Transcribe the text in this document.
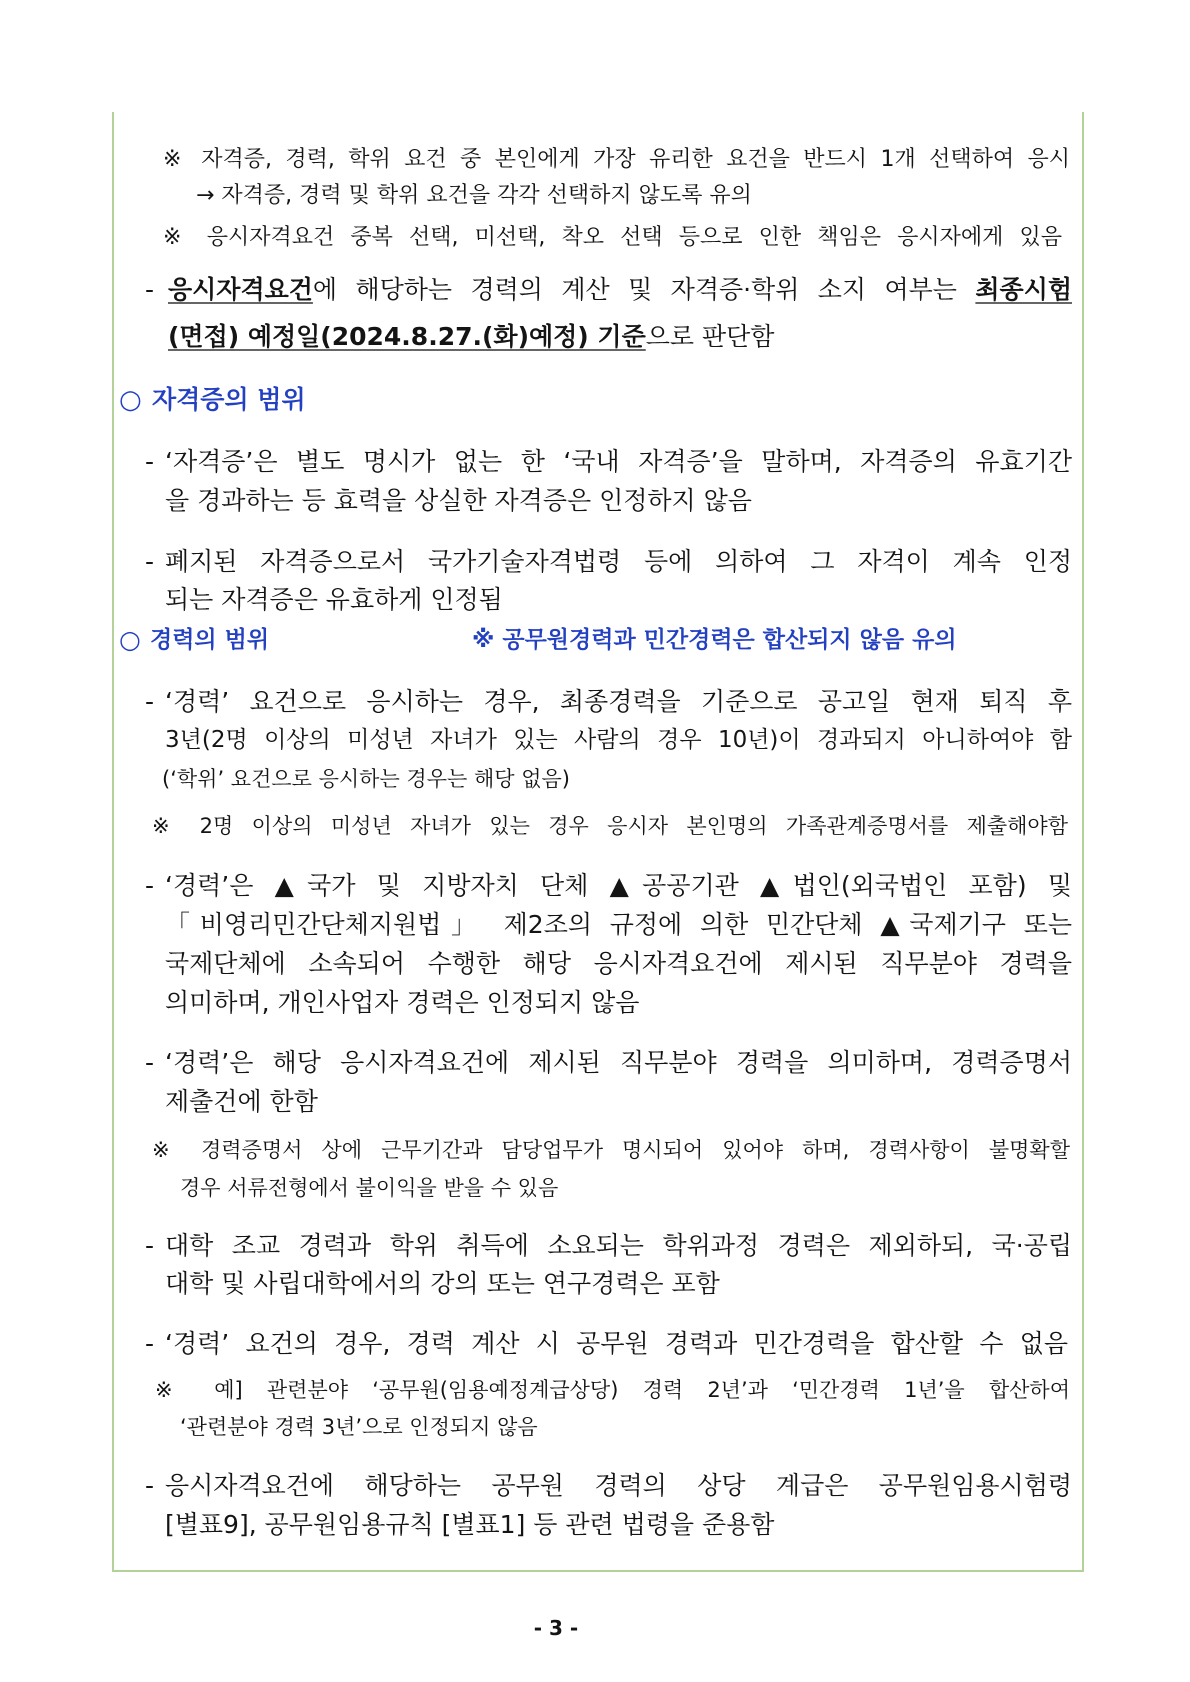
※ 자격증, 경력, 학위 요건 중 본인에게 가장 유리한 요건을 반드시 1개 선택하여 응시
→ 자격증, 경력 및 학위 요건을 각각 선택하지 않도록 유의
※ 응시자격요건 중복 선택, 미선택, 착오 선택 등으로 인한 책임은 응시자에게 있음
- 응시자격요건에 해당하는 경력의 계산 및 자격증·학위 소지 여부는 최종시험
(면접) 예정일(2024.8.27.(화)예정) 기준으로 판단함
○ 자격증의 범위
- ‘자격증’은 별도 명시가 없는 한 ‘국내 자격증’을 말하며, 자격증의 유효기간
을 경과하는 등 효력을 상실한 자격증은 인정하지 않음
- 폐지된 자격증으로서 국가기술자격법령 등에 의하여 그 자격이 계속 인정
되는 자격증은 유효하게 인정됨
○ 경력의 범위	※ 공무원경력과 민간경력은 합산되지 않음 유의
- ‘경력’ 요건으로 응시하는 경우, 최종경력을 기준으로 공고일 현재 퇴직 후
3년(2명 이상의 미성년 자녀가 있는 사람의 경우 10년)이 경과되지 아니하여야 함
(‘학위’ 요건으로 응시하는 경우는 해당 없음)
※ 2명 이상의 미성년 자녀가 있는 경우 응시자 본인명의 가족관계증명서를 제출해야함
- ‘경력’은 ▲국가 및 지방자치 단체 ▲공공기관 ▲법인(외국법인 포함) 및
「비영리민간단체지원법」 제2조의 규정에 의한 민간단체 ▲국제기구 또는
국제단체에 소속되어 수행한 해당 응시자격요건에 제시된 직무분야 경력을
의미하며, 개인사업자 경력은 인정되지 않음
- ‘경력’은 해당 응시자격요건에 제시된 직무분야 경력을 의미하며, 경력증명서
제출건에 한함
※ 경력증명서 상에 근무기간과 담당업무가 명시되어 있어야 하며, 경력사항이 불명확할
경우 서류전형에서 불이익을 받을 수 있음
- 대학 조교 경력과 학위 취득에 소요되는 학위과정 경력은 제외하되, 국·공립
대학 및 사립대학에서의 강의 또는 연구경력은 포함
- ‘경력’ 요건의 경우, 경력 계산 시 공무원 경력과 민간경력을 합산할 수 없음
※ 예] 관련분야 ‘공무원(임용예정계급상당) 경력 2년’과 ‘민간경력 1년’을 합산하여
‘관련분야 경력 3년’으로 인정되지 않음
- 응시자격요건에 해당하는 공무원 경력의 상당 계급은 공무원임용시험령
[별표9], 공무원임용규칙 [별표1] 등 관련 법령을 준용함
- 3 -
